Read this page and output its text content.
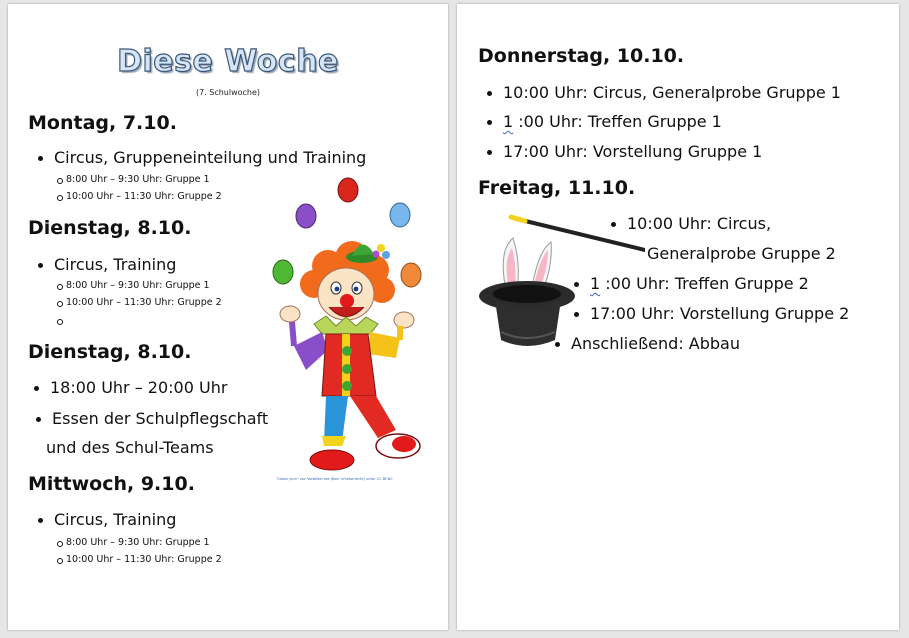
Diese Woche
(7. Schulwoche)
Montag, 7.10.
Circus, Gruppeneinteilung und Training
8:00 Uhr – 9:30 Uhr: Gruppe 1
10:00 Uhr – 11:30 Uhr: Gruppe 2
Dienstag, 8.10.
Circus, Training
8:00 Uhr – 9:30 Uhr: Gruppe 1
10:00 Uhr – 11:30 Uhr: Gruppe 2
Dienstag, 8.10.
18:00 Uhr – 20:00 Uhr
Essen der Schulpflegschaft
und des Schul-Teams
Mittwoch, 9.10.
Circus, Training
8:00 Uhr – 9:30 Uhr: Gruppe 1
10:00 Uhr – 11:30 Uhr: Gruppe 2
"Clown Jonn" von Vorbilder.net (Kein Urheberrecht) unter CC BY-NC
Donnerstag, 10.10.
10:00 Uhr: Circus, Generalprobe Gruppe 1
1 :00 Uhr: Treffen Gruppe 1
17:00 Uhr: Vorstellung Gruppe 1
Freitag, 11.10.
10:00 Uhr: Circus,
Generalprobe Gruppe 2
1 :00 Uhr: Treffen Gruppe 2
17:00 Uhr: Vorstellung Gruppe 2
Anschließend: Abbau
